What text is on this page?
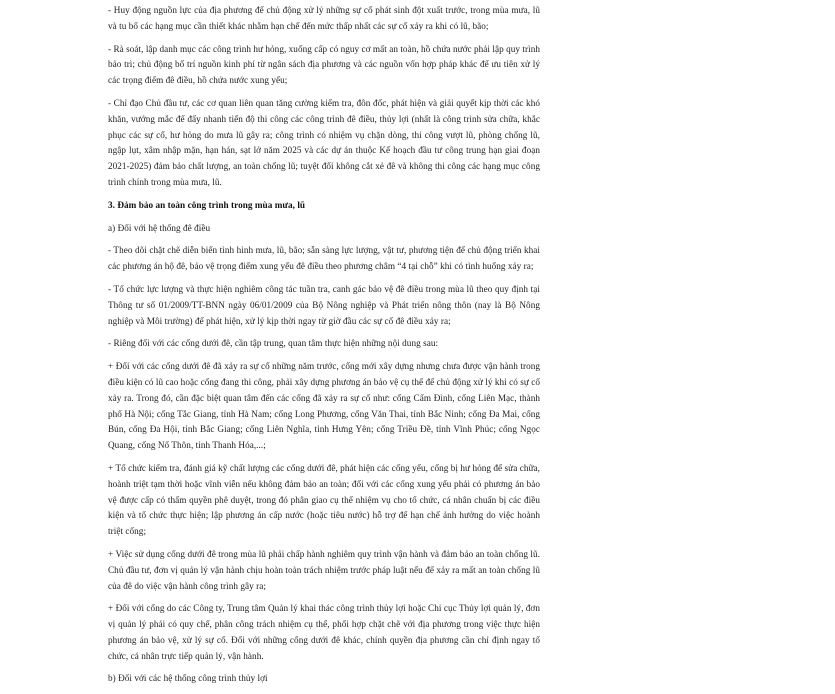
- Huy động nguồn lực của địa phương để chủ động xử lý những sự cố phát sinh đột xuất trước, trong mùa mưa, lũ và tu bổ các hạng mục cần thiết khác nhằm hạn chế đến mức thấp nhất các sự cố xảy ra khi có lũ, bão;

- Rà soát, lập danh mục các công trình hư hỏng, xuống cấp có nguy cơ mất an toàn, hồ chứa nước phải lập quy trình bảo trì; chủ động bố trí nguồn kinh phí từ ngân sách địa phương và các nguồn vốn hợp pháp khác để ưu tiên xử lý các trọng điểm đê điều, hồ chứa nước xung yếu;

- Chỉ đạo Chủ đầu tư, các cơ quan liên quan tăng cường kiểm tra, đôn đốc, phát hiện và giải quyết kịp thời các khó khăn, vướng mắc để đẩy nhanh tiến độ thi công các công trình đê điều, thủy lợi (nhất là công trình sửa chữa, khắc phục các sự cố, hư hỏng do mưa lũ gây ra; công trình có nhiệm vụ chặn dòng, thi công vượt lũ, phòng chống lũ, ngập lụt, xâm nhập mặn, hạn hán, sạt lở năm 2025 và các dự án thuộc Kế hoạch đầu tư công trung hạn giai đoạn 2021-2025) đảm bảo chất lượng, an toàn chống lũ; tuyệt đối không cắt xẻ đê và không thi công các hạng mục công trình chính trong mùa mưa, lũ.

3. Đảm bảo an toàn công trình trong mùa mưa, lũ

a) Đối với hệ thống đê điều

- Theo dõi chặt chẽ diễn biến tình hình mưa, lũ, bão; sẵn sàng lực lượng, vật tư, phương tiện để chủ động triển khai các phương án hộ đê, bảo vệ trọng điểm xung yếu đê điều theo phương châm “4 tại chỗ” khi có tình huống xảy ra;

- Tổ chức lực lượng và thực hiện nghiêm công tác tuần tra, canh gác bảo vệ đê điều trong mùa lũ theo quy định tại Thông tư số 01/2009/TT-BNN ngày 06/01/2009 của Bộ Nông nghiệp và Phát triển nông thôn (nay là Bộ Nông nghiệp và Môi trường) để phát hiện, xử lý kịp thời ngay từ giờ đầu các sự cố đê điều xảy ra;

- Riêng đối với các cống dưới đê, cần tập trung, quan tâm thực hiện những nội dung sau:

+ Đối với các cống dưới đê đã xảy ra sự cố những năm trước, cống mới xây dựng nhưng chưa được vận hành trong điều kiện có lũ cao hoặc cống đang thi công, phải xây dựng phương án bảo vệ cụ thể để chủ động xử lý khi có sự cố xảy ra. Trong đó, cần đặc biệt quan tâm đến các cống đã xảy ra sự cố như: cống Cẩm Đình, cống Liên Mạc, thành phố Hà Nội; cống Tắc Giang, tỉnh Hà Nam; cống Long Phương, cống Văn Thai, tỉnh Bắc Ninh; cống Đa Mai, cống Bún, cống Đa Hội, tỉnh Bắc Giang; cống Liên Nghĩa, tỉnh Hưng Yên; cống Triều Đề, tỉnh Vĩnh Phúc; cống Ngọc Quang, cống Nổ Thôn, tỉnh Thanh Hóa,...;

+ Tổ chức kiểm tra, đánh giá kỹ chất lượng các cống dưới đê, phát hiện các cống yếu, cống bị hư hỏng để sửa chữa, hoành triệt tạm thời hoặc vĩnh viễn nếu không đảm bảo an toàn; đối với các cống xung yếu phải có phương án bảo vệ được cấp có thẩm quyền phê duyệt, trong đó phân giao cụ thể nhiệm vụ cho tổ chức, cá nhân chuẩn bị các điều kiện và tổ chức thực hiện; lập phương án cấp nước (hoặc tiêu nước) hỗ trợ để hạn chế ảnh hưởng do việc hoành triệt cống;

+ Việc sử dụng cống dưới đê trong mùa lũ phải chấp hành nghiêm quy trình vận hành và đảm bảo an toàn chống lũ. Chủ đầu tư, đơn vị quản lý vận hành chịu hoàn toàn trách nhiệm trước pháp luật nếu để xảy ra mất an toàn chống lũ của đê do việc vận hành công trình gây ra;

+ Đối với cống do các Công ty, Trung tâm Quản lý khai thác công trình thủy lợi hoặc Chi cục Thủy lợi quản lý, đơn vị quản lý phải có quy chế, phân công trách nhiệm cụ thể, phối hợp chặt chẽ với địa phương trong việc thực hiện phương án bảo vệ, xử lý sự cố. Đối với những cống dưới đê khác, chính quyền địa phương cần chỉ định ngay tổ chức, cá nhân trực tiếp quản lý, vận hành.

b) Đối với các hệ thống công trình thủy lợi
